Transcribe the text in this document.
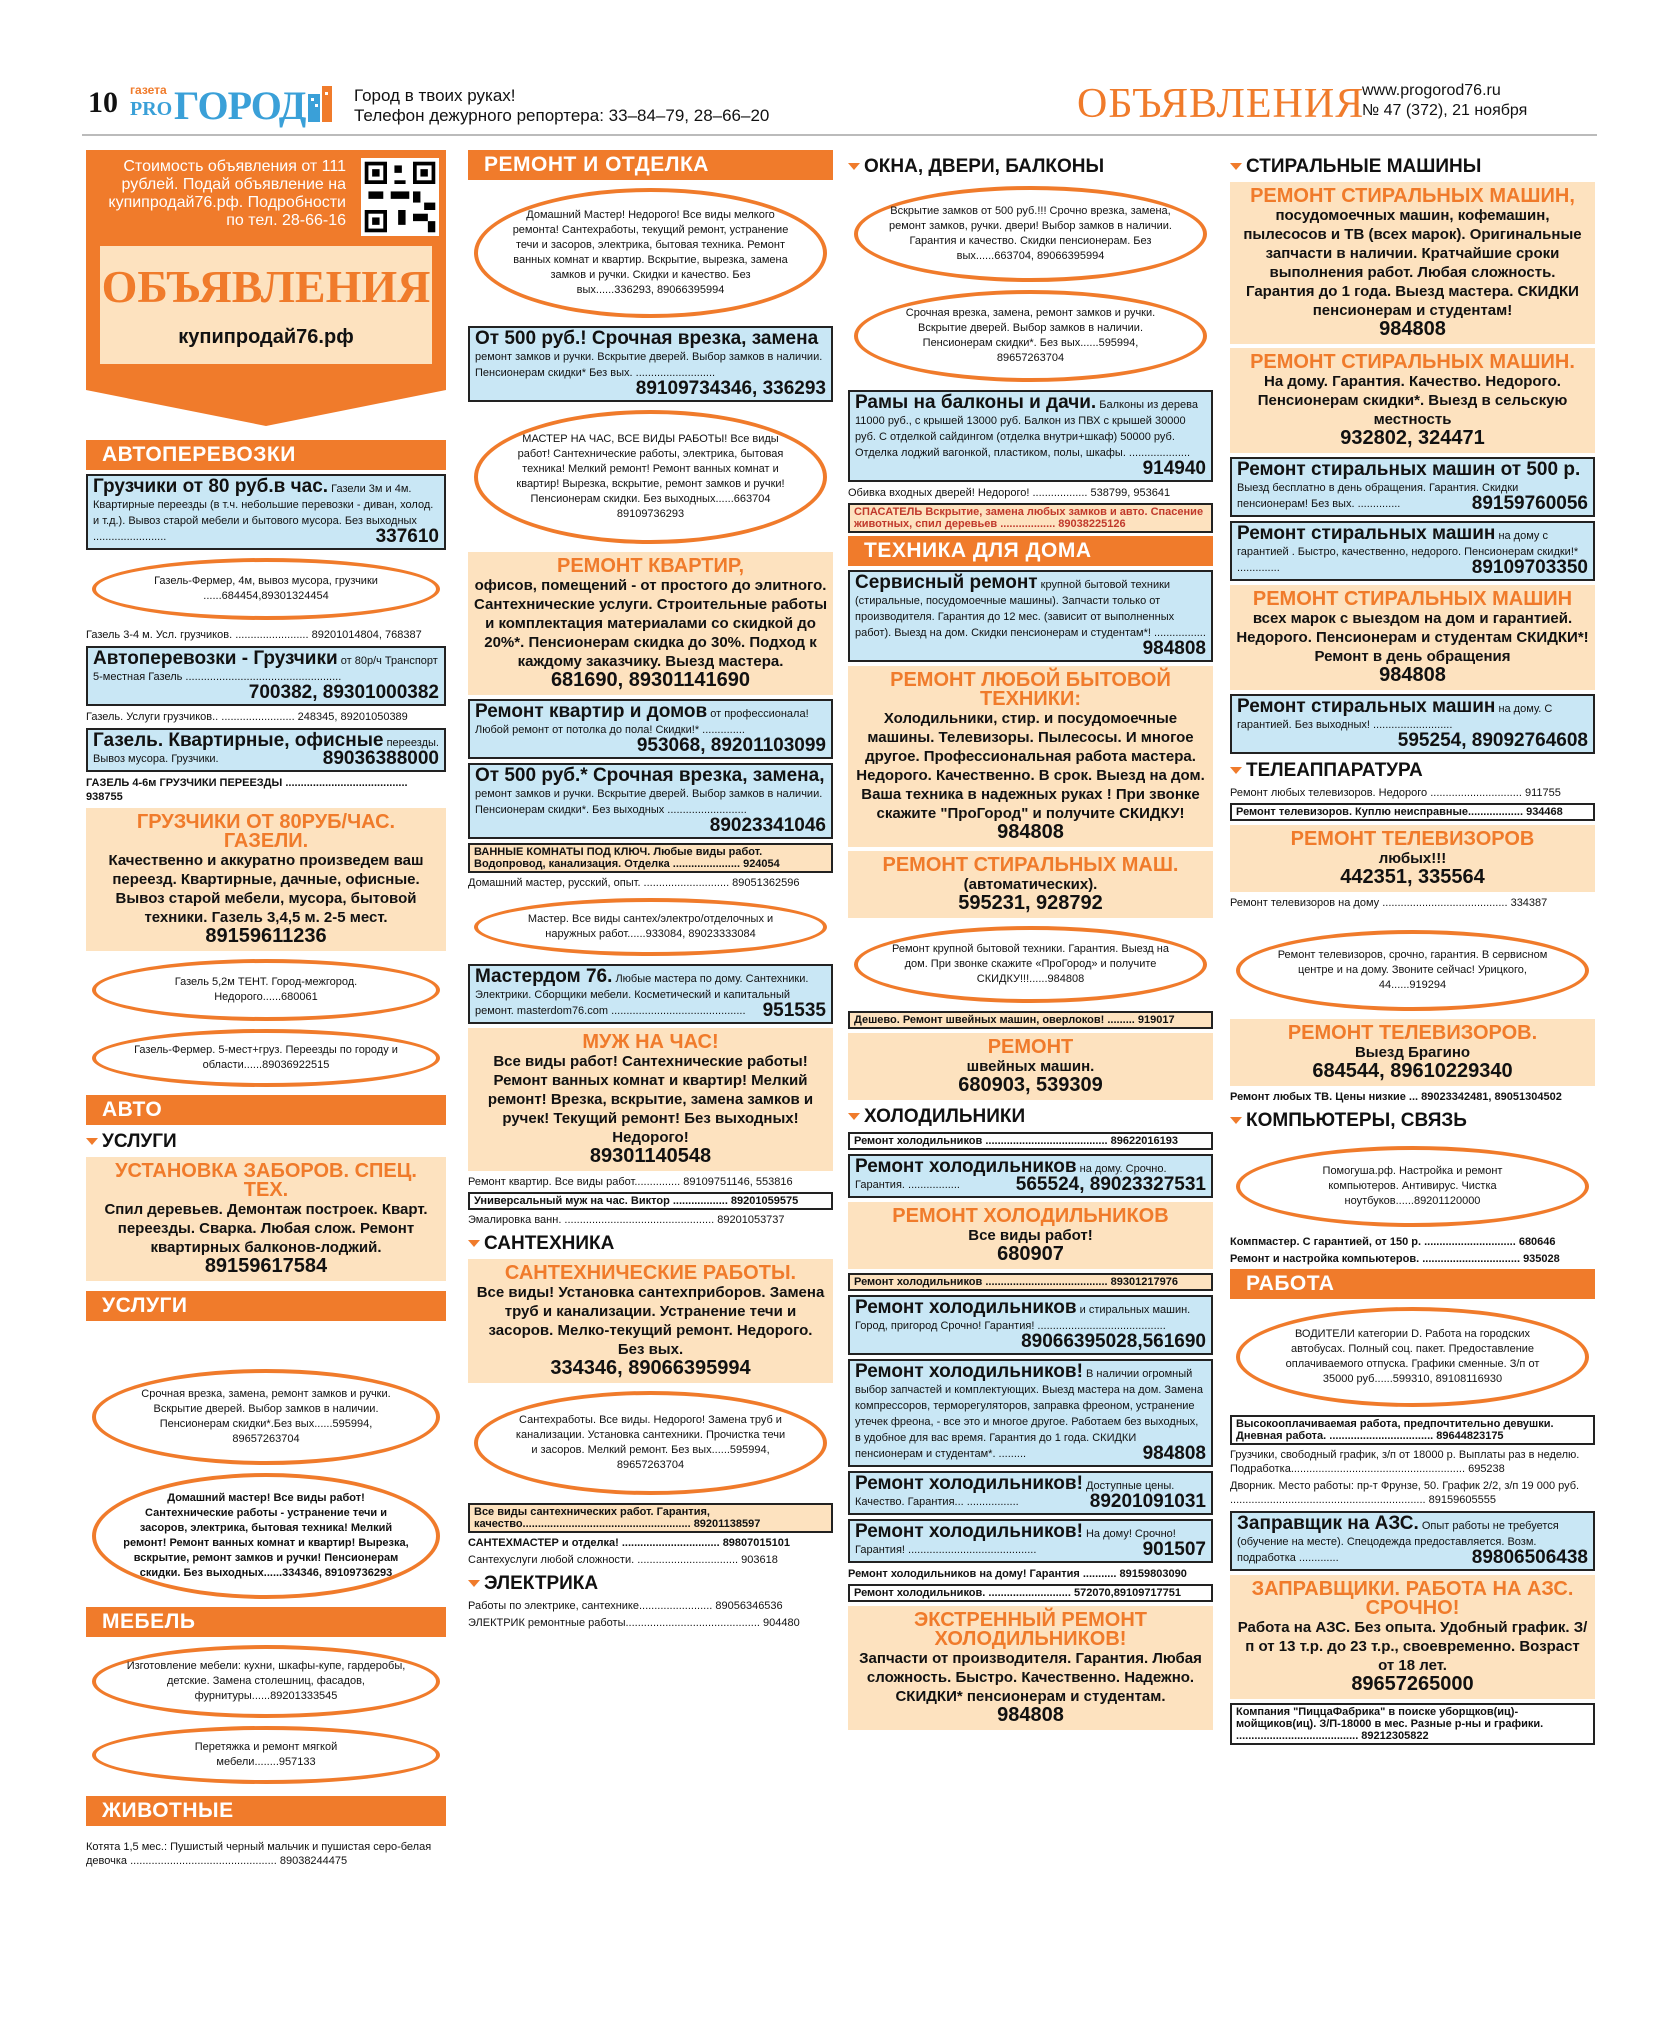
10 газета
PRO ГОРОД	Город в твоих руках!
Телефон дежурного репортера: 33–84–79, 28–66–20	ОБЪЯВЛЕНИЯ
www.progorod76.ru
№ 47 (372), 21 ноября
Стоимость объявления от 111 рублей. Подай объявление на купипродай76.рф. Подробности по тел. 28-66-16
ОБЪЯВЛЕНИЯ
купипродай76.рф
АВТОПЕРЕВОЗКИ
Грузчики от 80 руб.в час. Газели 3м и 4м. Квартирные переезды (в т.ч. небольшие перевозки - диван, холод. и т.д.). Вывоз старой мебели и бытового мусора. Без выходных ........................	337610
Газель-Фермер, 4м, вывоз мусора, грузчики ......684454,89301324454
Газель 3-4 м. Усл. грузчиков. ........................ 89201014804, 768387
Автоперевозки - Грузчики от 80р/ч Транспорт 5-местная Газель ...................................................
700382, 89301000382
Газель. Услуги грузчиков.. ........................ 248345, 89201050389
Газель. Квартирные, офисные переезды. Вывоз мусора. Грузчики.	89036388000
ГАЗЕЛЬ 4-6м ГРУЗЧИКИ ПЕРЕЕЗДЫ ........................................ 938755
ГРУЗЧИКИ ОТ 80РУБ/ЧАС. ГАЗЕЛИ.
Качественно и аккуратно произведем ваш переезд. Квартирные, дачные, офисные. Вывоз старой мебели, мусора, бытовой техники. Газель 3,4,5 м. 2-5 мест.
89159611236
Газель 5,2м ТЕНТ. Город-межгород. Недорого......680061
Газель-Фермер. 5-мест+груз. Переезды по городу и области......89036922515
АВТО
УСЛУГИ
УСТАНОВКА ЗАБОРОВ. СПЕЦ. ТЕХ.
Спил деревьев. Демонтаж построек. Кварт. переезды. Сварка. Любая слож. Ремонт квартирных балконов-лоджий.
89159617584
УСЛУГИ
Срочная врезка, замена, ремонт замков и ручки. Вскрытие дверей. Выбор замков в наличии. Пенсионерам скидки*.Без вых......595994, 89657263704
Домашний мастер! Все виды работ! Сантехнические работы - устранение течи и засоров, электрика, бытовая техника! Мелкий ремонт! Ремонт ванных комнат и квартир! Вырезка, вскрытие, ремонт замков и ручки! Пенсионерам скидки. Без выходных......334346, 89109736293
МЕБЕЛЬ
Изготовление мебели: кухни, шкафы-купе, гардеробы, детские. Замена столешниц, фасадов, фурнитуры......89201333545
Перетяжка и ремонт мягкой мебели........957133
ЖИВОТНЫЕ
Котята 1,5 мес.: Пушистый черный мальчик и пушистая серо-белая девочка ................................................ 89038244475
РЕМОНТ И ОТДЕЛКА
Домашний Мастер! Недорого! Все виды мелкого ремонта! Сантехработы, текущий ремонт, устранение течи и засоров, электрика, бытовая техника. Ремонт ванных комнат и квартир. Вскрытие, вырезка, замена замков и ручки. Скидки и качество. Без вых......336293, 89066395994
От 500 руб.! Срочная врезка, замена ремонт замков и ручки. Вскрытие дверей. Выбор замков в наличии. Пенсионерам скидки* Без вых. ..........................
89109734346, 336293
МАСТЕР НА ЧАС, ВСЕ ВИДЫ РАБОТЫ! Все виды работ! Сантехнические работы, электрика, бытовая техника! Мелкий ремонт! Ремонт ванных комнат и квартир! Вырезка, вскрытие, ремонт замков и ручки! Пенсионерам скидки. Без выходных......663704 89109736293
РЕМОНТ КВАРТИР,
офисов, помещений - от простого до элитного. Сантехнические услуги. Строительные работы и комплектация материалами со скидкой до 20%*. Пенсионерам скидка до 30%. Подход к каждому заказчику. Выезд мастера.
681690, 89301141690
Ремонт квартир и домов от профессионала! Любой ремонт от потолка до пола! Скидки!* ..............
953068, 89201103099
От 500 руб.* Срочная врезка, замена, ремонт замков и ручки. Вскрытие дверей. Выбор замков в наличии. Пенсионерам скидки*. Без выходных ..........................
89023341046
ВАННЫЕ КОМНАТЫ ПОД КЛЮЧ. Любые виды работ. Водопровод, канализация. Отделка ...................... 924054
Домашний мастер, русский, опыт. ............................ 89051362596
Мастер. Все виды сантех/электро/отделочных и наружных работ......933084, 89023333084
Мастердом 76. Любые мастера по дому. Сантехники. Электрики. Сборщики мебели. Косметический и капитальный ремонт. masterdom76.com ............................................ 951535
МУЖ НА ЧАС!
Все виды работ! Сантехнические работы! Ремонт ванных комнат и квартир! Мелкий ремонт! Врезка, вскрытие, замена замков и ручек! Текущий ремонт! Без выходных! Недорого!
89301140548
Ремонт квартир. Все виды работ............... 89109751146, 553816
Универсальный муж на час. Виктор .................. 89201059575
Эмалировка ванн. ................................................. 89201053737
САНТЕХНИКА
САНТЕХНИЧЕСКИЕ РАБОТЫ.
Все виды! Установка сантехприборов. Замена труб и канализации. Устранение течи и засоров. Мелко-текущий ремонт. Недорого. Без вых.
334346, 89066395994
Сантехработы. Все виды. Недорого! Замена труб и канализации. Установка сантехники. Прочистка течи и засоров. Мелкий ремонт. Без вых......595994, 89657263704
Все виды сантехнических работ. Гарантия, качество....................................................... 89201138597
САНТЕХМАСТЕР и отделка! ................................ 89807015101
Сантехуслуги любой сложности. ................................. 903618
ЭЛЕКТРИКА
Работы по электрике, сантехнике........................ 89056346536
ЭЛЕКТРИК ремонтные работы............................................ 904480
ОКНА, ДВЕРИ, БАЛКОНЫ
Вскрытие замков от 500 руб.!!! Срочно врезка, замена, ремонт замков, ручки. двери! Выбор замков в наличии. Гарантия и качество. Скидки пенсионерам. Без вых......663704, 89066395994
Срочная врезка, замена, ремонт замков и ручки. Вскрытие дверей. Выбор замков в наличии. Пенсионерам скидки*. Без вых......595994, 89657263704
Рамы на балконы и дачи. Балконы из дерева 11000 руб., с крышей 13000 руб. Балкон из ПВХ с крышей 30000 руб. С отделкой сайдингом (отделка внутри+шкаф) 50000 руб. Отделка лоджий вагонкой, пластиком, полы, шкафы. ....................
914940
Обивка входных дверей! Недорого! .................. 538799, 953641
СПАСАТЕЛЬ Вскрытие, замена любых замков и авто. Спасение животных, спил деревьев .................. 89038225126
ТЕХНИКА ДЛЯ ДОМА
Сервисный ремонт крупной бытовой техники (стиральные, посудомоечные машины). Запчасти только от производителя. Гарантия до 12 мес. (зависит от выполненных работ). Выезд на дом. Скидки пенсионерам и студентам*! .................
984808
РЕМОНТ ЛЮБОЙ БЫТОВОЙ ТЕХНИКИ:
Холодильники, стир. и посудомоечные машины. Телевизоры. Пылесосы. И многое другое. Профессиональная работа мастера. Недорого. Качественно. В срок. Выезд на дом. Ваша техника в надежных руках ! При звонке скажите "ПроГород" и получите СКИДКУ!
984808
РЕМОНТ СТИРАЛЬНЫХ МАШ.
(автоматических).
595231, 928792
Ремонт крупной бытовой техники. Гарантия. Выезд на дом. При звонке скажите «ПроГород» и получите СКИДКУ!!!......984808
Дешево. Ремонт швейных машин, оверлоков! ......... 919017
РЕМОНТ
швейных машин.
680903, 539309
ХОЛОДИЛЬНИКИ
Ремонт холодильников ........................................ 89622016193
Ремонт холодильников на дому. Срочно. Гарантия. .................	565524, 89023327531
РЕМОНТ ХОЛОДИЛЬНИКОВ
Все виды работ!
680907
Ремонт холодильников ........................................ 89301217976
Ремонт холодильников и стиральных машин. Город, пригород Срочно! Гарантия! ..........................................
89066395028,561690
Ремонт холодильников! В наличии огромный выбор запчастей и комплектующих. Выезд мастера на дом. Замена компрессоров, терморегуляторов, заправка фреоном, устранение утечек фреона, - все это и многое другое. Работаем без выходных, в удобное для вас время. Гарантия до 1 года. СКИДКИ пенсионерам и студентам*. .........	984808
Ремонт холодильников! Доступные цены. Качество. Гарантия... .................	89201091031
Ремонт холодильников! На дому! Срочно! Гарантия! ..........................................	901507
Ремонт холодильников на дому! Гарантия ........... 89159803090
Ремонт холодильников. ........................... 572070,89109717751
ЭКСТРЕННЫЙ РЕМОНТ ХОЛОДИЛЬНИКОВ!
Запчасти от производителя. Гарантия. Любая сложность. Быстро. Качественно. Надежно. СКИДКИ* пенсионерам и студентам.
984808
СТИРАЛЬНЫЕ МАШИНЫ
РЕМОНТ СТИРАЛЬНЫХ МАШИН,
посудомоечных машин, кофемашин, пылесосов и ТВ (всех марок). Оригинальные запчасти в наличии. Кратчайшие сроки выполнения работ. Любая сложность. Гарантия до 1 года. Выезд мастера. СКИДКИ пенсионерам и студентам!
984808
РЕМОНТ СТИРАЛЬНЫХ МАШИН.
На дому. Гарантия. Качество. Недорого. Пенсионерам скидки*. Выезд в сельскую местность
932802, 324471
Ремонт стиральных машин от 500 р. Выезд бесплатно в день обращения. Гарантия. Скидки пенсионерам! Без вых. ..............	89159760056
Ремонт стиральных машин на дому с гарантией . Быстро, качественно, недорого. Пенсионерам скидки!* ..............	89109703350
РЕМОНТ СТИРАЛЬНЫХ МАШИН
всех марок с выездом на дом и гарантией. Недорого. Пенсионерам и студентам СКИДКИ*! Ремонт в день обращения
984808
Ремонт стиральных машин на дому. С гарантией. Без выходных! ..........................
595254, 89092764608
ТЕЛЕАППАРАТУРА
Ремонт любых телевизоров. Недорого .............................. 911755
Ремонт телевизоров. Куплю неисправные.................. 934468
РЕМОНТ ТЕЛЕВИЗОРОВ
любых!!!
442351, 335564
Ремонт телевизоров на дому ......................................... 334387
Ремонт телевизоров, срочно, гарантия. В сервисном центре и на дому. Звоните сейчас! Урицкого, 44......919294
РЕМОНТ ТЕЛЕВИЗОРОВ.
Выезд Брагино
684544, 89610229340
Ремонт любых ТВ. Цены низкие ... 89023342481, 89051304502
КОМПЬЮТЕРЫ, СВЯЗЬ
Помогуша.рф. Настройка и ремонт компьютеров. Антивирус. Чистка ноутбуков......89201120000
Компмастер. С гарантией, от 150 р. .............................. 680646
Ремонт и настройка компьютеров. ................................ 935028
РАБОТА
ВОДИТЕЛИ категории D. Работа на городских автобусах. Полный соц. пакет. Предоставление оплачиваемого отпуска. Графики сменные. З/п от 35000 руб......599310, 89108116930
Высокооплачиваемая работа, предпочтительно девушки. Дневная работа. .................................. 89644823175
Грузчики, свободный график, з/п от 18000 р. Выплаты раз в неделю. Подработка......................................................... 695238
Дворник. Место работы: пр-т Фрунзе, 50. График 2/2, з/п 19 000 руб. ................................................................ 89159605555
Заправщик на АЗС. Опыт работы не требуется (обучение на месте). Спецодежда предоставляется. Возм. подработка .............	89806506438
ЗАПРАВЩИКИ. РАБОТА НА АЗС. СРОЧНО!
Работа на АЗС. Без опыта. Удобный график. З/п от 13 т.р. до 23 т.р., своевременно. Возраст от 18 лет.
89657265000
Компания "ПиццаФабрика" в поиске уборщков(иц)-мойщиков(иц). З/П-18000 в мес. Разные р-ны и графики. ........................................ 89212305822
